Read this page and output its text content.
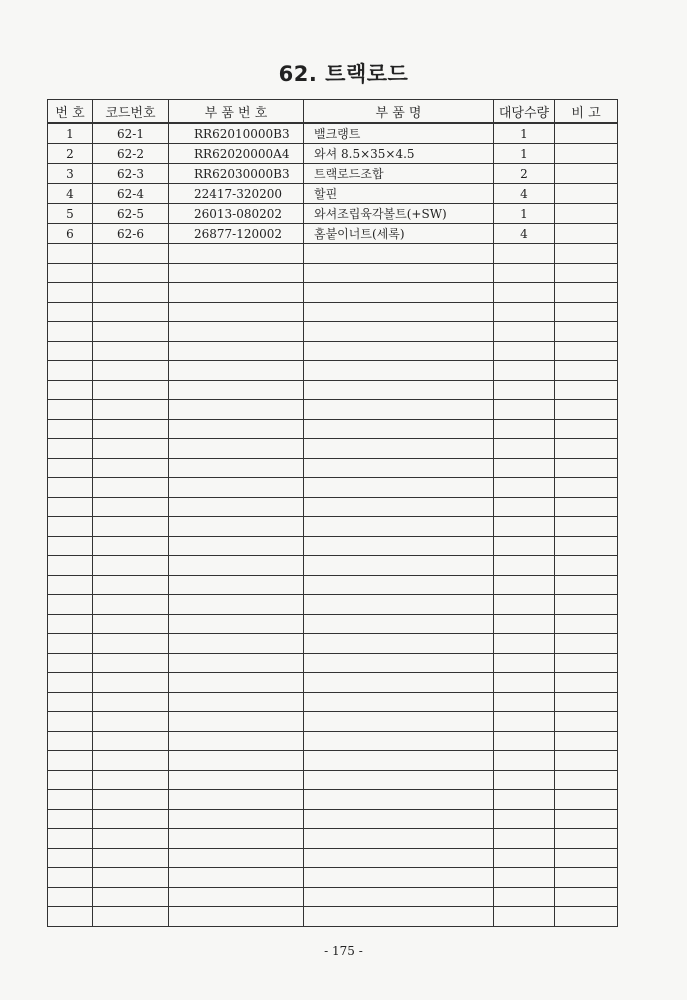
62. 트랙로드
번 호	코드번호	부 품 번 호	부 품 명	대당수량	비 고
1	62-1	RR62010000B3	밸크랭트	1	
2	62-2	RR62020000A4	와셔 8.5×35×4.5	1	
3	62-3	RR62030000B3	트랙로드조합	2	
4	62-4	22417-320200	할핀	4	
5	62-5	26013-080202	와셔조립육각볼트(+SW)	1	
6	62-6	26877-120002	홈붙이너트(세록)	4	

- 175 -
